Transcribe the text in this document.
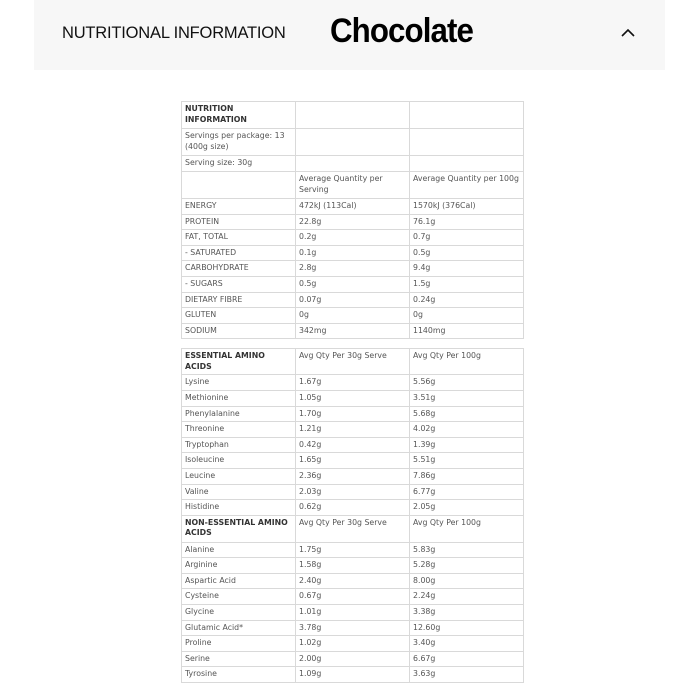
NUTRITIONAL INFORMATION Chocolate
NUTRITION INFORMATION		
Servings per package: 13 (400g size)		
Serving size: 30g		
	Average Quantity per Serving	Average Quantity per 100g
ENERGY	472kJ (113Cal)	1570kJ (376Cal)
PROTEIN	22.8g	76.1g
FAT, TOTAL	0.2g	0.7g
- SATURATED	0.1g	0.5g
CARBOHYDRATE	2.8g	9.4g
- SUGARS	0.5g	1.5g
DIETARY FIBRE	0.07g	0.24g
GLUTEN	0g	0g
SODIUM	342mg	1140mg
ESSENTIAL AMINO ACIDS	Avg Qty Per 30g Serve	Avg Qty Per 100g
Lysine	1.67g	5.56g
Methionine	1.05g	3.51g
Phenylalanine	1.70g	5.68g
Threonine	1.21g	4.02g
Tryptophan	0.42g	1.39g
Isoleucine	1.65g	5.51g
Leucine	2.36g	7.86g
Valine	2.03g	6.77g
Histidine	0.62g	2.05g
NON-ESSENTIAL AMINO ACIDS	Avg Qty Per 30g Serve	Avg Qty Per 100g
Alanine	1.75g	5.83g
Arginine	1.58g	5.28g
Aspartic Acid	2.40g	8.00g
Cysteine	0.67g	2.24g
Glycine	1.01g	3.38g
Glutamic Acid*	3.78g	12.60g
Proline	1.02g	3.40g
Serine	2.00g	6.67g
Tyrosine	1.09g	3.63g
